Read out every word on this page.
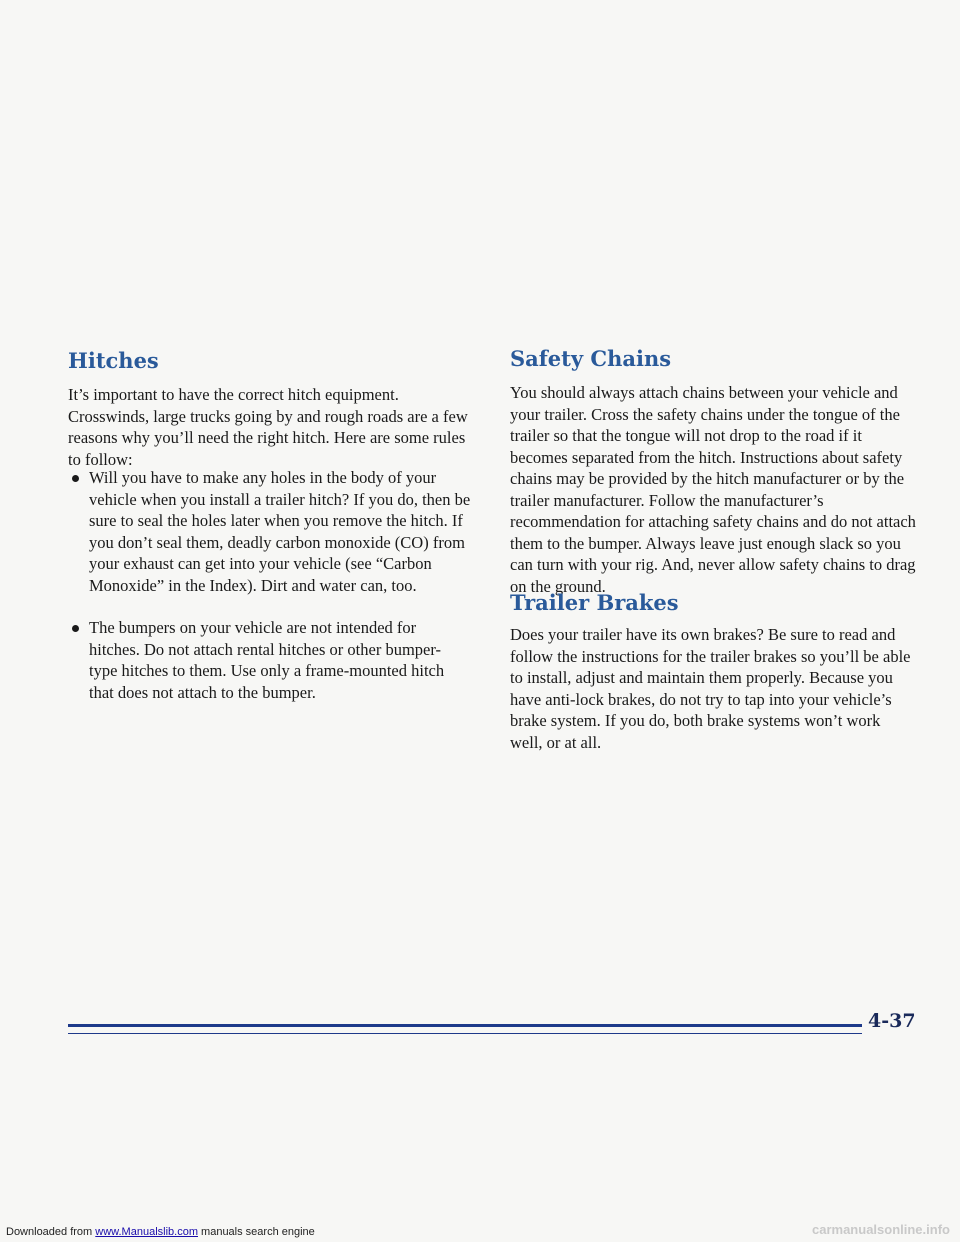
Hitches

It’s important to have the correct hitch equipment. Crosswinds, large trucks going by and rough roads are a few reasons why you’ll need the right hitch. Here are some rules to follow:

Will you have to make any holes in the body of your vehicle when you install a trailer hitch? If you do, then be sure to seal the holes later when you remove the hitch. If you don’t seal them, deadly carbon monoxide (CO) from your exhaust can get into your vehicle (see “Carbon Monoxide” in the Index). Dirt and water can, too.
The bumpers on your vehicle are not intended for hitches. Do not attach rental hitches or other bumper-type hitches to them. Use only a frame-mounted hitch that does not attach to the bumper.
Safety Chains

You should always attach chains between your vehicle and your trailer. Cross the safety chains under the tongue of the trailer so that the tongue will not drop to the road if it becomes separated from the hitch. Instructions about safety chains may be provided by the hitch manufacturer or by the trailer manufacturer. Follow the manufacturer’s recommendation for attaching safety chains and do not attach them to the bumper. Always leave just enough slack so you can turn with your rig. And, never allow safety chains to drag on the ground.

Trailer Brakes

Does your trailer have its own brakes? Be sure to read and follow the instructions for the trailer brakes so you’ll be able to install, adjust and maintain them properly. Because you have anti-lock brakes, do not try to tap into your vehicle’s brake system. If you do, both brake systems won’t work well, or at all.

4-37
Downloaded from www.Manualslib.com manuals search engine	carmanualsonline.info
